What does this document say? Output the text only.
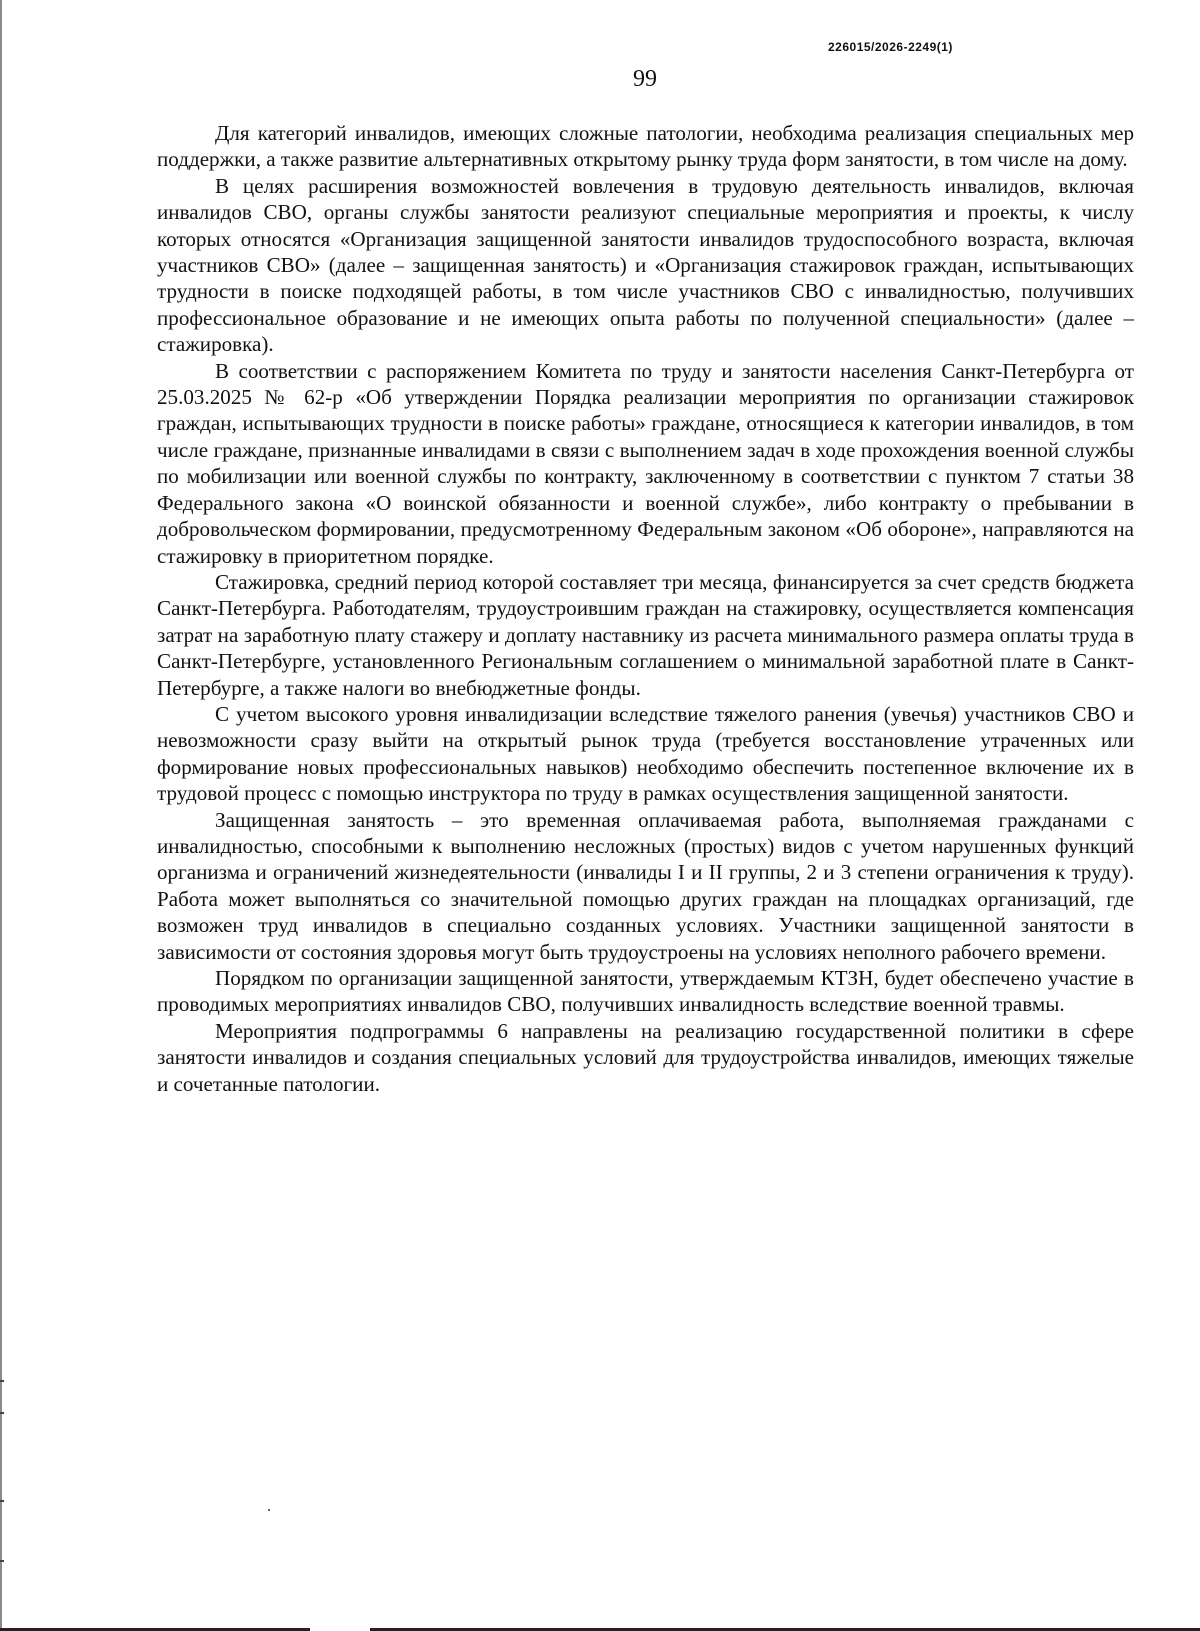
226015/2026-2249(1)
99

Для категорий инвалидов, имеющих сложные патологии, необходима реализация специальных мер поддержки, а также развитие альтернативных открытому рынку труда форм занятости, в том числе на дому.

В целях расширения возможностей вовлечения в трудовую деятельность инвалидов, включая инвалидов СВО, органы службы занятости реализуют специальные мероприятия и проекты, к числу которых относятся «Организация защищенной занятости инвалидов трудоспособного возраста, включая участников СВО» (далее – защищенная занятость) и «Организация стажировок граждан, испытывающих трудности в поиске подходящей работы, в том числе участников СВО с инвалидностью, получивших профессиональное образование и не имеющих опыта работы по полученной специальности» (далее – стажировка).

В соответствии с распоряжением Комитета по труду и занятости населения Санкт-Петербурга от 25.03.2025 № 62-р «Об утверждении Порядка реализации мероприятия по организации стажировок граждан, испытывающих трудности в поиске работы» граждане, относящиеся к категории инвалидов, в том числе граждане, признанные инвалидами в связи с выполнением задач в ходе прохождения военной службы по мобилизации или военной службы по контракту, заключенному в соответствии с пунктом 7 статьи 38 Федерального закона «О воинской обязанности и военной службе», либо контракту о пребывании в добровольческом формировании, предусмотренному Федеральным законом «Об обороне», направляются на стажировку в приоритетном порядке.

Стажировка, средний период которой составляет три месяца, финансируется за счет средств бюджета Санкт-Петербурга. Работодателям, трудоустроившим граждан на стажировку, осуществляется компенсация затрат на заработную плату стажеру и доплату наставнику из расчета минимального размера оплаты труда в Санкт-Петербурге, установленного Региональным соглашением о минимальной заработной плате в Санкт-Петербурге, а также налоги во внебюджетные фонды.

С учетом высокого уровня инвалидизации вследствие тяжелого ранения (увечья) участников СВО и невозможности сразу выйти на открытый рынок труда (требуется восстановление утраченных или формирование новых профессиональных навыков) необходимо обеспечить постепенное включение их в трудовой процесс с помощью инструктора по труду в рамках осуществления защищенной занятости.

Защищенная занятость – это временная оплачиваемая работа, выполняемая гражданами с инвалидностью, способными к выполнению несложных (простых) видов с учетом нарушенных функций организма и ограничений жизнедеятельности (инвалиды I и II группы, 2 и 3 степени ограничения к труду). Работа может выполняться со значительной помощью других граждан на площадках организаций, где возможен труд инвалидов в специально созданных условиях. Участники защищенной занятости в зависимости от состояния здоровья могут быть трудоустроены на условиях неполного рабочего времени.

Порядком по организации защищенной занятости, утверждаемым КТЗН, будет обеспечено участие в проводимых мероприятиях инвалидов СВО, получивших инвалидность вследствие военной травмы.

Мероприятия подпрограммы 6 направлены на реализацию государственной политики в сфере занятости инвалидов и создания специальных условий для трудоустройства инвалидов, имеющих тяжелые и сочетанные патологии.
